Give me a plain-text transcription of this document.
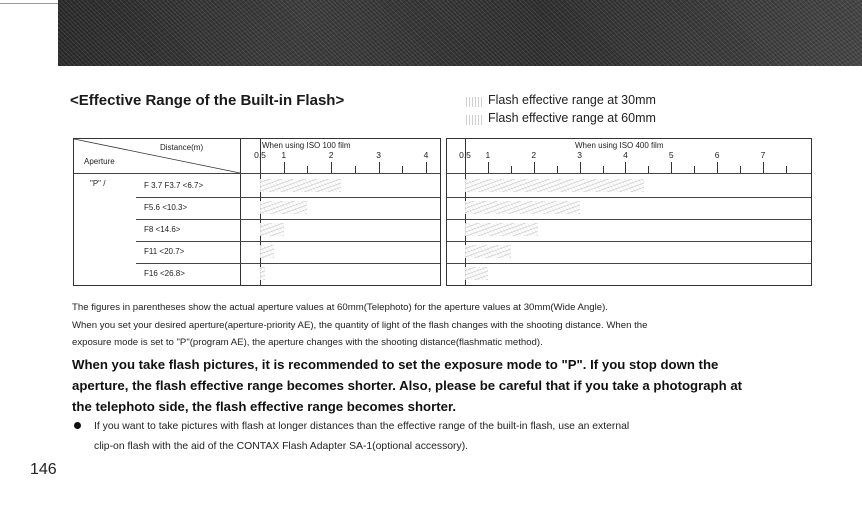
<Effective Range of the Built-in Flash>	Flash effective range at 30mm
Flash effective range at 60mm
Distance(m)
Aperture
When using ISO 100 film
"P" /	F 3.7 F3.7 <6.7>
F5.6 <10.3>
F8 <14.6>
F11 <20.7>
F16 <26.8>
0.5 1	2	3	4
When using ISO 400 film
0.5 1	2	3	4	5	6	7
The figures in parentheses show the actual aperture values at 60mm(Telephoto) for the aperture values at 30mm(Wide Angle).
When you set your desired aperture(aperture-priority AE), the quantity of light of the flash changes with the shooting distance. When the
exposure mode is set to "P"(program AE), the aperture changes with the shooting distance(flashmatic method).
When you take flash pictures, it is recommended to set the exposure mode to "P". If you stop down the
aperture, the flash effective range becomes shorter. Also, please be careful that if you take a photograph at
the telephoto side, the flash effective range becomes shorter.
If you want to take pictures with flash at longer distances than the effective range of the built-in flash, use an external
clip-on flash with the aid of the CONTAX Flash Adapter SA-1(optional accessory).
146
